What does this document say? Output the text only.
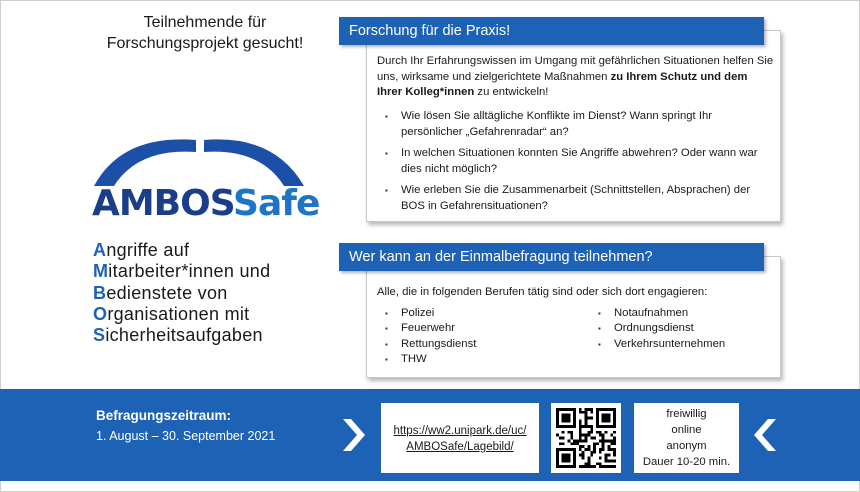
Teilnehmende für
Forschungsprojekt gesucht!
AMBOSSafe
Angriffe auf
Mitarbeiter*innen und
Bedienstete von
Organisationen mit
Sicherheitsaufgaben
Durch Ihr Erfahrungswissen im Umgang mit gefährlichen Situationen helfen Sie uns, wirksame und zielgerichtete Maßnahmen zu Ihrem Schutz und dem Ihrer Kolleg*innen zu entwickeln!
▪ Wie lösen Sie alltägliche Konflikte im Dienst? Wann springt Ihr persönlicher „Gefahrenradar“ an?
▪ In welchen Situationen konnten Sie Angriffe abwehren? Oder wann war dies nicht möglich?
▪ Wie erleben Sie die Zusammenarbeit (Schnittstellen, Absprachen) der BOS in Gefahrensituationen?
Forschung für die Praxis!
Alle, die in folgenden Berufen tätig sind oder sich dort engagieren:
▪ Polizei
▪ Feuerwehr
▪ Rettungsdienst
▪ THW
▪ Notaufnahmen
▪ Ordnungsdienst
▪ Verkehrsunternehmen
Wer kann an der Einmalbefragung teilnehmen?
Befragungszeitraum:
1. August – 30. September 2021	https://ww2.unipark.de/uc/
AMBOSafe/Lagebild/
freiwillig
online
anonym
Dauer 10-20 min.
